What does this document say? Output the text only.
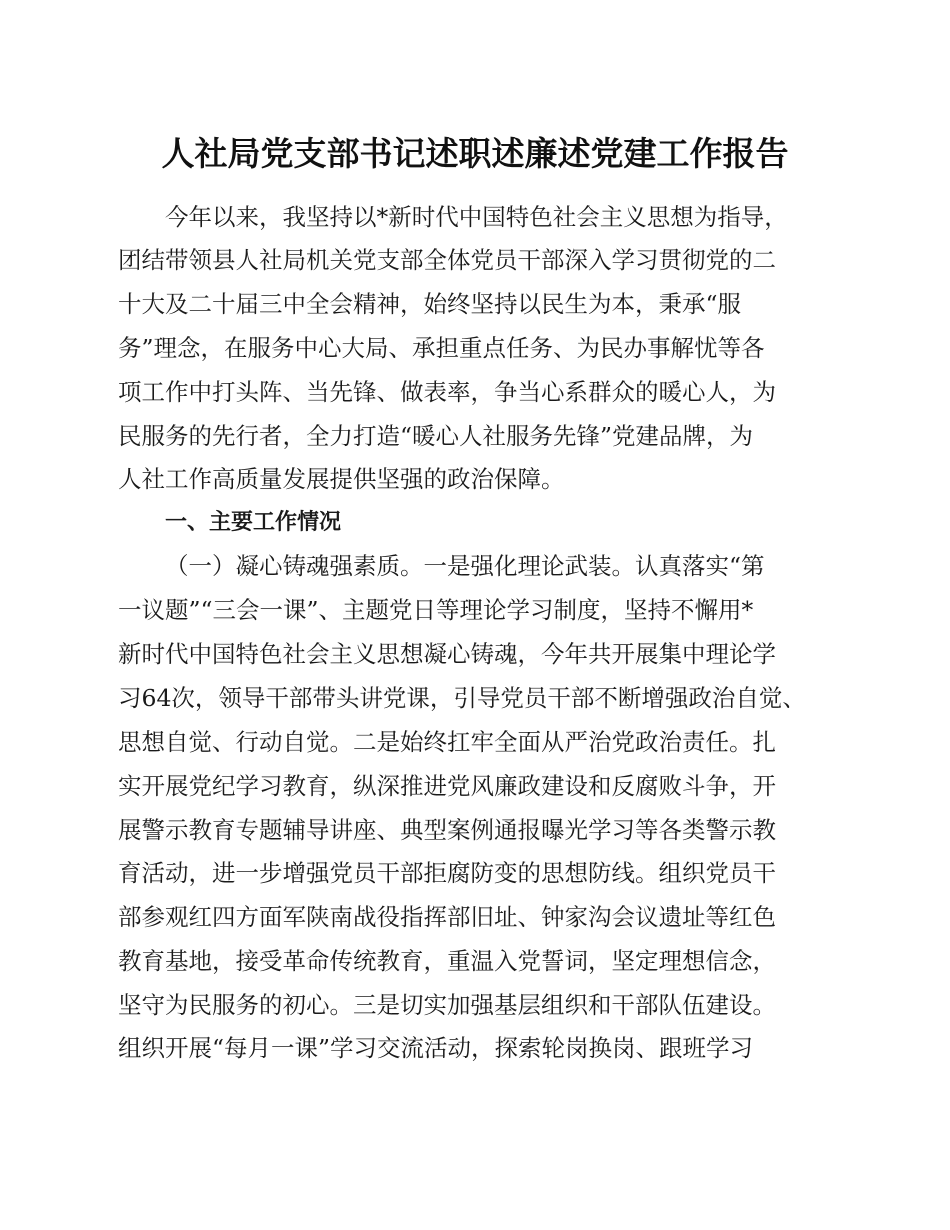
人社局党支部书记述职述廉述党建工作报告
今年以来，我坚持以*新时代中国特色社会主义思想为指导，
团结带领县人社局机关党支部全体党员干部深入学习贯彻党的二
十大及二十届三中全会精神，始终坚持以民生为本，秉承“服
务”理念，在服务中心大局、承担重点任务、为民办事解忧等各
项工作中打头阵、当先锋、做表率，争当心系群众的暖心人，为
民服务的先行者，全力打造“暖心人社服务先锋”党建品牌，为
人社工作高质量发展提供坚强的政治保障。
一、主要工作情况
（一）凝心铸魂强素质。一是强化理论武装。认真落实“第
一议题”“三会一课”、主题党日等理论学习制度，坚持不懈用*
新时代中国特色社会主义思想凝心铸魂，今年共开展集中理论学
习64次，领导干部带头讲党课，引导党员干部不断增强政治自觉、
思想自觉、行动自觉。二是始终扛牢全面从严治党政治责任。扎
实开展党纪学习教育，纵深推进党风廉政建设和反腐败斗争，开
展警示教育专题辅导讲座、典型案例通报曝光学习等各类警示教
育活动，进一步增强党员干部拒腐防变的思想防线。组织党员干
部参观红四方面军陕南战役指挥部旧址、钟家沟会议遗址等红色
教育基地，接受革命传统教育，重温入党誓词，坚定理想信念，
坚守为民服务的初心。三是切实加强基层组织和干部队伍建设。
组织开展“每月一课”学习交流活动，探索轮岗换岗、跟班学习
